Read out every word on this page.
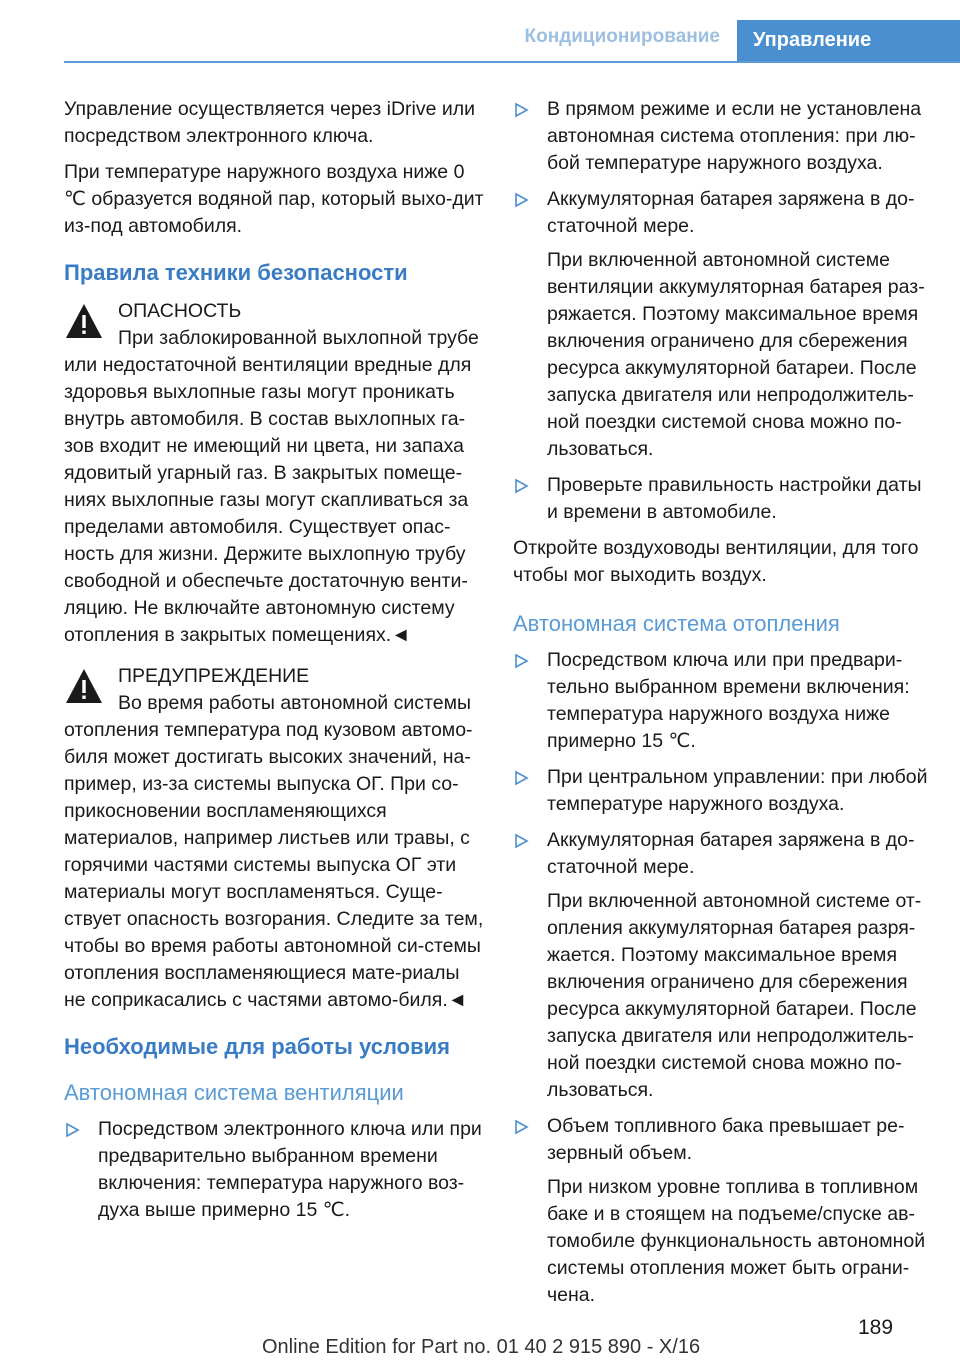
Кондиционирование	Управление

Управление осуществляется через iDrive или посредством электронного ключа.

При температуре наружного воздуха ниже 0 ℃ образуется водяной пар, который выхо‐дит из-под автомобиля.

Правила техники безопасности
ОПАСНОСТЬ
При заблокированной выхлопной трубе или недостаточной вентиляции вредные для здоровья выхлопные газы могут проникать внутрь автомобиля. В состав выхлопных га‐зов входит не имеющий ни цвета, ни запаха ядовитый угарный газ. В закрытых помеще‐ниях выхлопные газы могут скапливаться за пределами автомобиля. Существует опас‐ность для жизни. Держите выхлопную трубу свободной и обеспечьте достаточную венти‐ляцию. Не включайте автономную систему отопления в закрытых помещениях.◄
ПРЕДУПРЕЖДЕНИЕ
Во время работы автономной системы отопления температура под кузовом автомо‐биля может достигать высоких значений, на‐пример, из-за системы выпуска ОГ. При со‐прикосновении воспламеняющихся материалов, например листьев или травы, с горячими частями системы выпуска ОГ эти материалы могут воспламеняться. Суще‐ствует опасность возгорания. Следите за тем, чтобы во время работы автономной си‐стемы отопления воспламеняющиеся мате‐риалы не соприкасались с частями автомо‐биля.◄
Необходимые для работы условия
Автономная система вентиляции
Посредством электронного ключа или при предварительно выбранном времени включения: температура наружного воз‐духа выше примерно 15 ℃.
В прямом режиме и если не установлена автономная система отопления: при лю‐бой температуре наружного воздуха.
Аккумуляторная батарея заряжена в до‐статочной мере.
При включенной автономной системе вентиляции аккумуляторная батарея раз‐ряжается. Поэтому максимальное время включения ограничено для сбережения ресурса аккумуляторной батареи. После запуска двигателя или непродолжитель‐ной поездки системой снова можно по‐льзоваться.
Проверьте правильность настройки даты и времени в автомобиле.

Откройте воздуховоды вентиляции, для того чтобы мог выходить воздух.

Автономная система отопления
Посредством ключа или при предвари‐тельно выбранном времени включения: температура наружного воздуха ниже примерно 15 ℃.
При центральном управлении: при любой температуре наружного воздуха.
Аккумуляторная батарея заряжена в до‐статочной мере.
При включенной автономной системе от‐опления аккумуляторная батарея разря‐жается. Поэтому максимальное время включения ограничено для сбережения ресурса аккумуляторной батареи. После запуска двигателя или непродолжитель‐ной поездки системой снова можно по‐льзоваться.
Объем топливного бака превышает ре‐зервный объем.
При низком уровне топлива в топливном баке и в стоящем на подъеме/спуске ав‐томобиле функциональность автономной системы отопления может быть ограни‐чена.
189
Online Edition for Part no. 01 40 2 915 890 - X/16
